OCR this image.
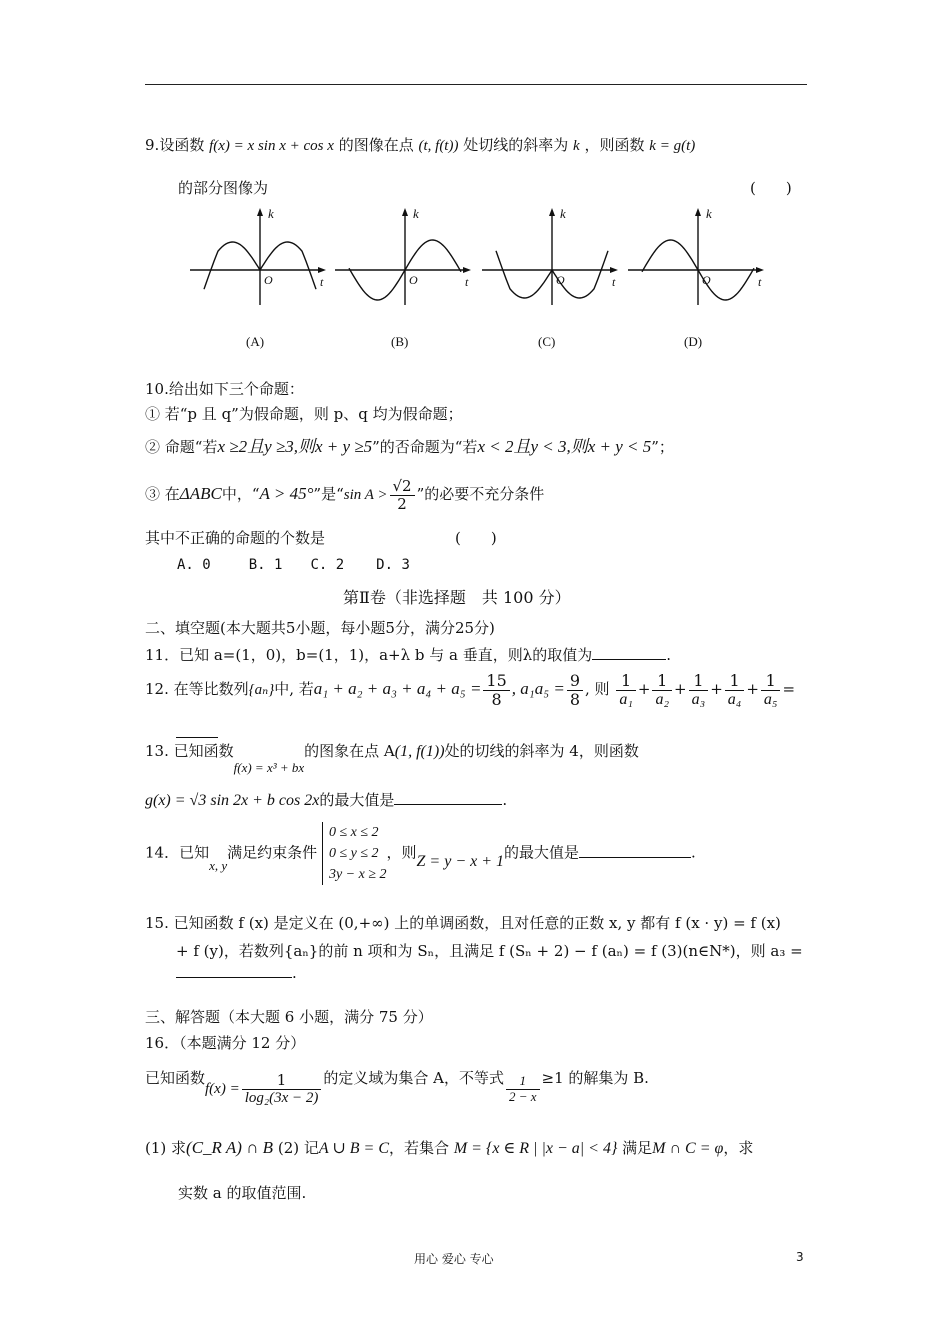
9.设函数 f(x) = x sin x + cos x 的图像在点 (t, f(t)) 处切线的斜率为 k ，则函数 k = g(t)
的部分图像为	(　　)
k
O	t
(A)
k
O	t
(B)
k
O	t
(C)
k
O	t
(D)
10.给出如下三个命题：
① 若“p 且 q”为假命题，则 p、q 均为假命题；
② 命题“若x ≥2且y ≥3,则x + y ≥5”的否命题为“若x < 2且y < 3,则x + y < 5”；
③ 在ΔABC中，“A > 45°”是“sin $A > \frac{√2}{2}$ ”的必要不充分条件
其中不正确的命题的个数是	(　　)
A. 0	B. 1 C. 2 D. 3
第Ⅱ卷（非选择题　共 100 分）
二、填空题(本大题共5小题，每小题5分，满分25分)
11．已知 a=(1，0)，b=(1，1)，a+λ b 与 a 垂直，则λ的取值为	.
12. 在等比数列{aₙ}中, 若$a_1 + a_2 + a_3 + a_4 + a_5 = \frac{15}{8}$ , $a_1a_5 = \frac{9}{8}$ , 则 $\frac{1}{\text{a₁}} + \frac{1}{\text{a₂}} + \frac{1}{\text{a₃}} + \frac{1}{\text{a₄}} + \frac{1}{\text{a₅}}$ =
13. 已知函数f(x) = x³ + bx的图象在点 A(1, f(1))处的切线的斜率为 4，则函数
g(x) = √3 sin 2x + b cos 2x的最大值是	.
14．已知x, y满足约束条件
0 ≤ x ≤ 2
0 ≤ y ≤ 2
3y − x ≥ 2
，则Z = y − x + 1的最大值是	.
15. 已知函数 f (x) 是定义在 (0,+∞) 上的单调函数，且对任意的正数 x, y 都有 f (x · y) = f (x)
+ f (y)，若数列{aₙ}的前 n 项和为 Sₙ，且满足 f (Sₙ + 2) − f (aₙ) = f (3)(n∈N*)，则 a₃ =
.
三、解答题（本大题 6 小题，满分 75 分）
16．（本题满分 12 分）
已知函数$f(x) = \frac{1}{\text{log₂(3x − 2)}}$ 的定义域为集合 A，不等式 $\frac{1}{2 - x} \ge 1$ 的解集为 B.
(1) 求(C_R A) ∩ B (2) 记A ∪ B = C，若集合 M = {x ∈ R | |x − a| < 4} 满足M ∩ C = φ，求
实数 a 的取值范围.
用心 爱心 专心	3
